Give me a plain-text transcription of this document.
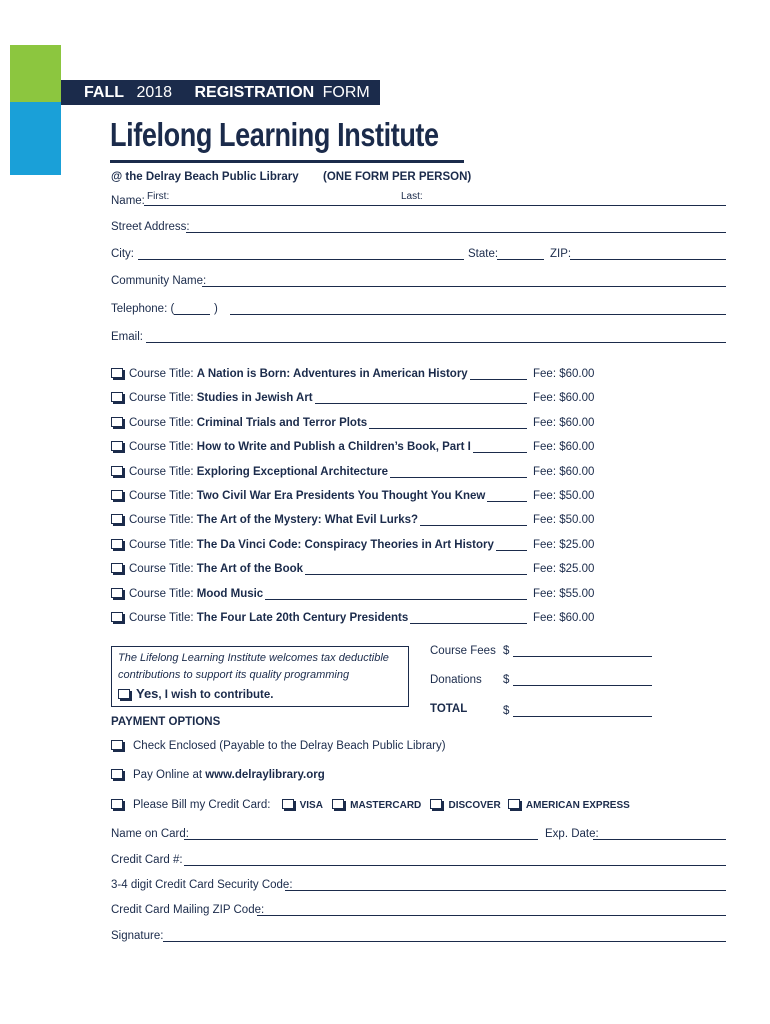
FALL 2018 REGISTRATION FORM
Lifelong Learning Institute
@ the Delray Beach Public Library (ONE FORM PER PERSON)
Name: First:	Last:
Street Address:
City:	State:	ZIP:
Community Name:
Telephone: (	)
Email:
Course Title: A Nation is Born: Adventures in American History	Fee: $60.00
Course Title: Studies in Jewish Art	Fee: $60.00
Course Title: Criminal Trials and Terror Plots	Fee: $60.00
Course Title: How to Write and Publish a Children’s Book, Part I	Fee: $60.00
Course Title: Exploring Exceptional Architecture	Fee: $60.00
Course Title: Two Civil War Era Presidents You Thought You Knew	Fee: $50.00
Course Title: The Art of the Mystery: What Evil Lurks?	Fee: $50.00
Course Title: The Da Vinci Code: Conspiracy Theories in Art History	Fee: $25.00
Course Title: The Art of the Book	Fee: $25.00
Course Title: Mood Music	Fee: $55.00
Course Title: The Four Late 20th Century Presidents	Fee: $60.00
The Lifelong Learning Institute welcomes tax deductible
contributions to support its quality programming
Yes, I wish to contribute.
Course Fees $
Donations $
TOTAL	$
PAYMENT OPTIONS
Check Enclosed (Payable to the Delray Beach Public Library)
Pay Online at www.delraylibrary.org
Please Bill my Credit Card:	VISA	MASTERCARD	DISCOVER	AMERICAN EXPRESS
Name on Card:	Exp. Date:
Credit Card #:
3-4 digit Credit Card Security Code:
Credit Card Mailing ZIP Code:
Signature:
